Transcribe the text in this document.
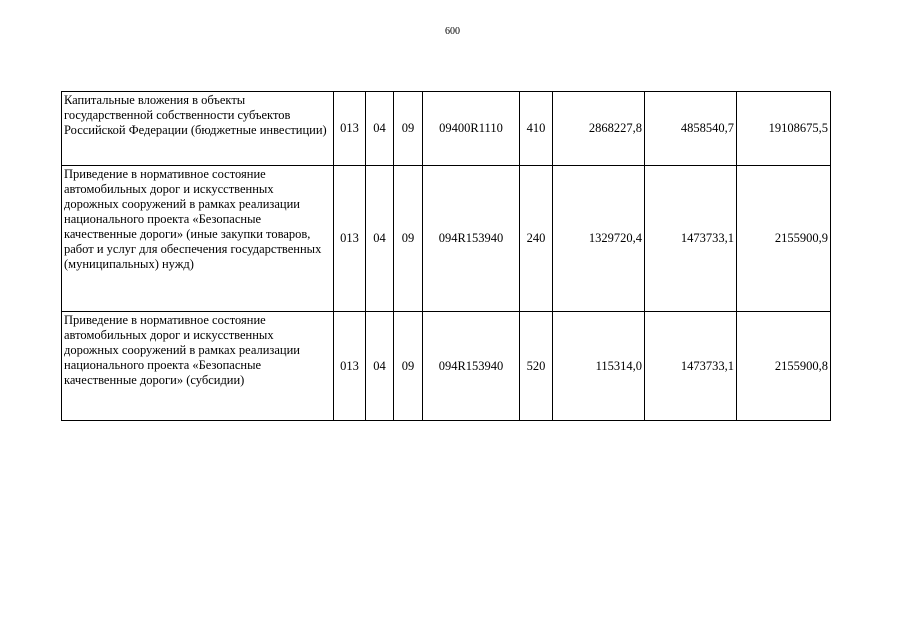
600
Капитальные вложения в объекты государственной собственности субъектов Российской Федерации (бюджетные инвестиции)	013	04	09	09400R1110	410	2868227,8	4858540,7	19108675,5
Приведение в нормативное состояние автомобильных дорог и искусственных дорожных сооружений в рамках реализации национального проекта «Безопасные качественные дороги» (иные закупки товаров, работ и услуг для обеспечения государственных (муниципальных) нужд)	013	04	09	094R153940	240	1329720,4	1473733,1	2155900,9
Приведение в нормативное состояние автомобильных дорог и искусственных дорожных сооружений в рамках реализации национального проекта «Безопасные качественные дороги» (субсидии)	013	04	09	094R153940	520	115314,0	1473733,1	2155900,8
